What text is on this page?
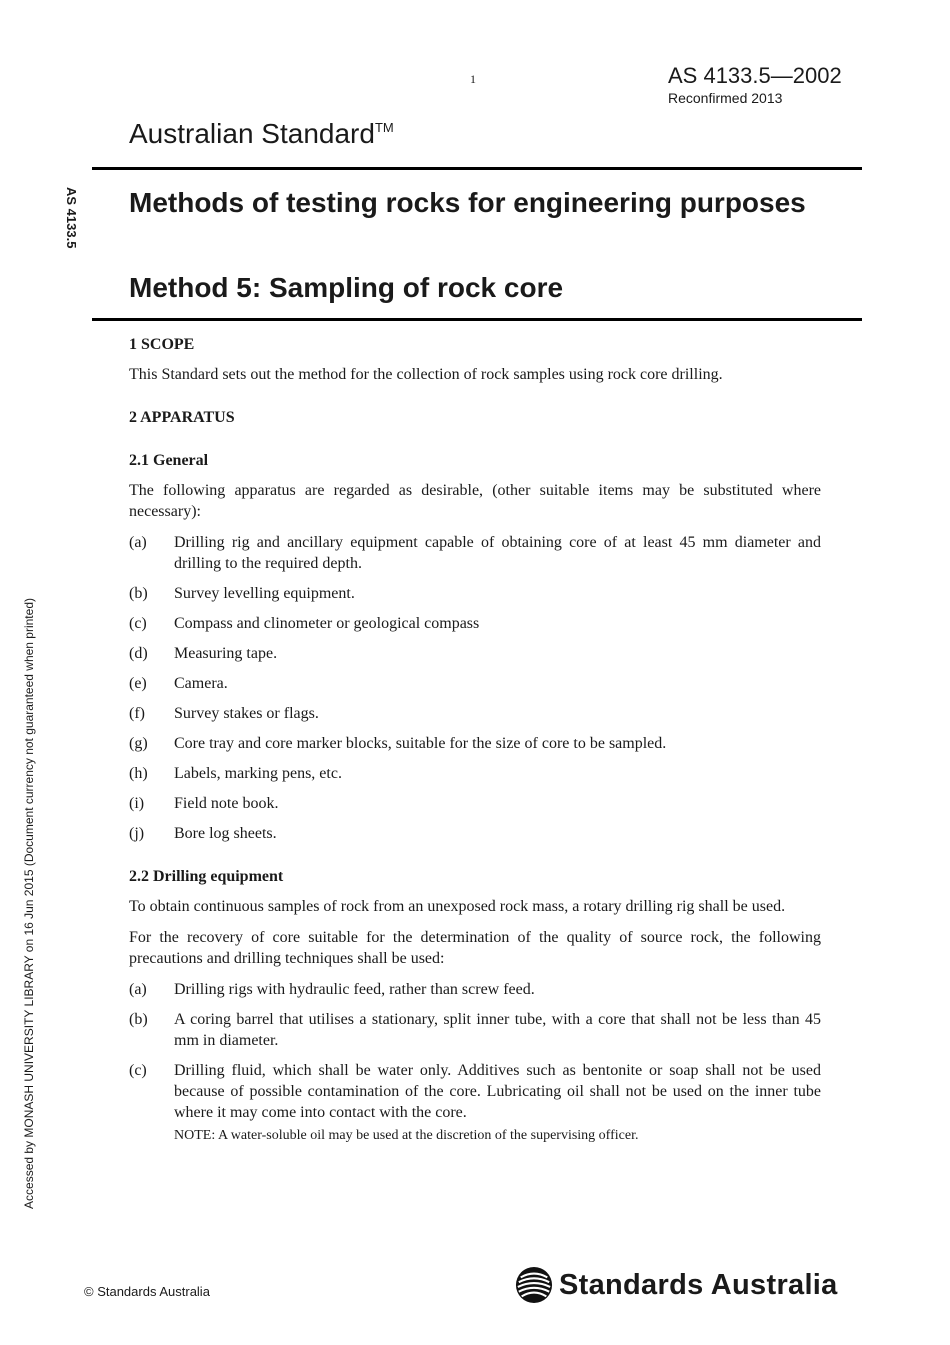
1	AS 4133.5—2002
Reconfirmed 2013
Australian Standard™
AS 4133.5
Accessed by MONASH UNIVERSITY LIBRARY on 16 Jun 2015 (Document currency not guaranteed when printed)
Methods of testing rocks for engineering purposes
Method 5: Sampling of rock core
1 SCOPE

This Standard sets out the method for the collection of rock samples using rock core drilling.

2 APPARATUS
2.1 General

The following apparatus are regarded as desirable, (other suitable items may be substituted where necessary):

(a) Drilling rig and ancillary equipment capable of obtaining core of at least 45 mm diameter and drilling to the required depth.
(b) Survey levelling equipment.
(c) Compass and clinometer or geological compass
(d) Measuring tape.
(e) Camera.
(f) Survey stakes or flags.
(g) Core tray and core marker blocks, suitable for the size of core to be sampled.
(h) Labels, marking pens, etc.
(i) Field note book.
(j) Bore log sheets.
2.2 Drilling equipment

To obtain continuous samples of rock from an unexposed rock mass, a rotary drilling rig shall be used.

For the recovery of core suitable for the determination of the quality of source rock, the following precautions and drilling techniques shall be used:

(a) Drilling rigs with hydraulic feed, rather than screw feed.
(b) A coring barrel that utilises a stationary, split inner tube, with a core that shall not be less than 45 mm in diameter.
(c) Drilling fluid, which shall be water only. Additives such as bentonite or soap shall not be used because of possible contamination of the core. Lubricating oil shall not be used on the inner tube where it may come into contact with the core.
NOTE: A water-soluble oil may be used at the discretion of the supervising officer.
© Standards Australia	Standards Australia
